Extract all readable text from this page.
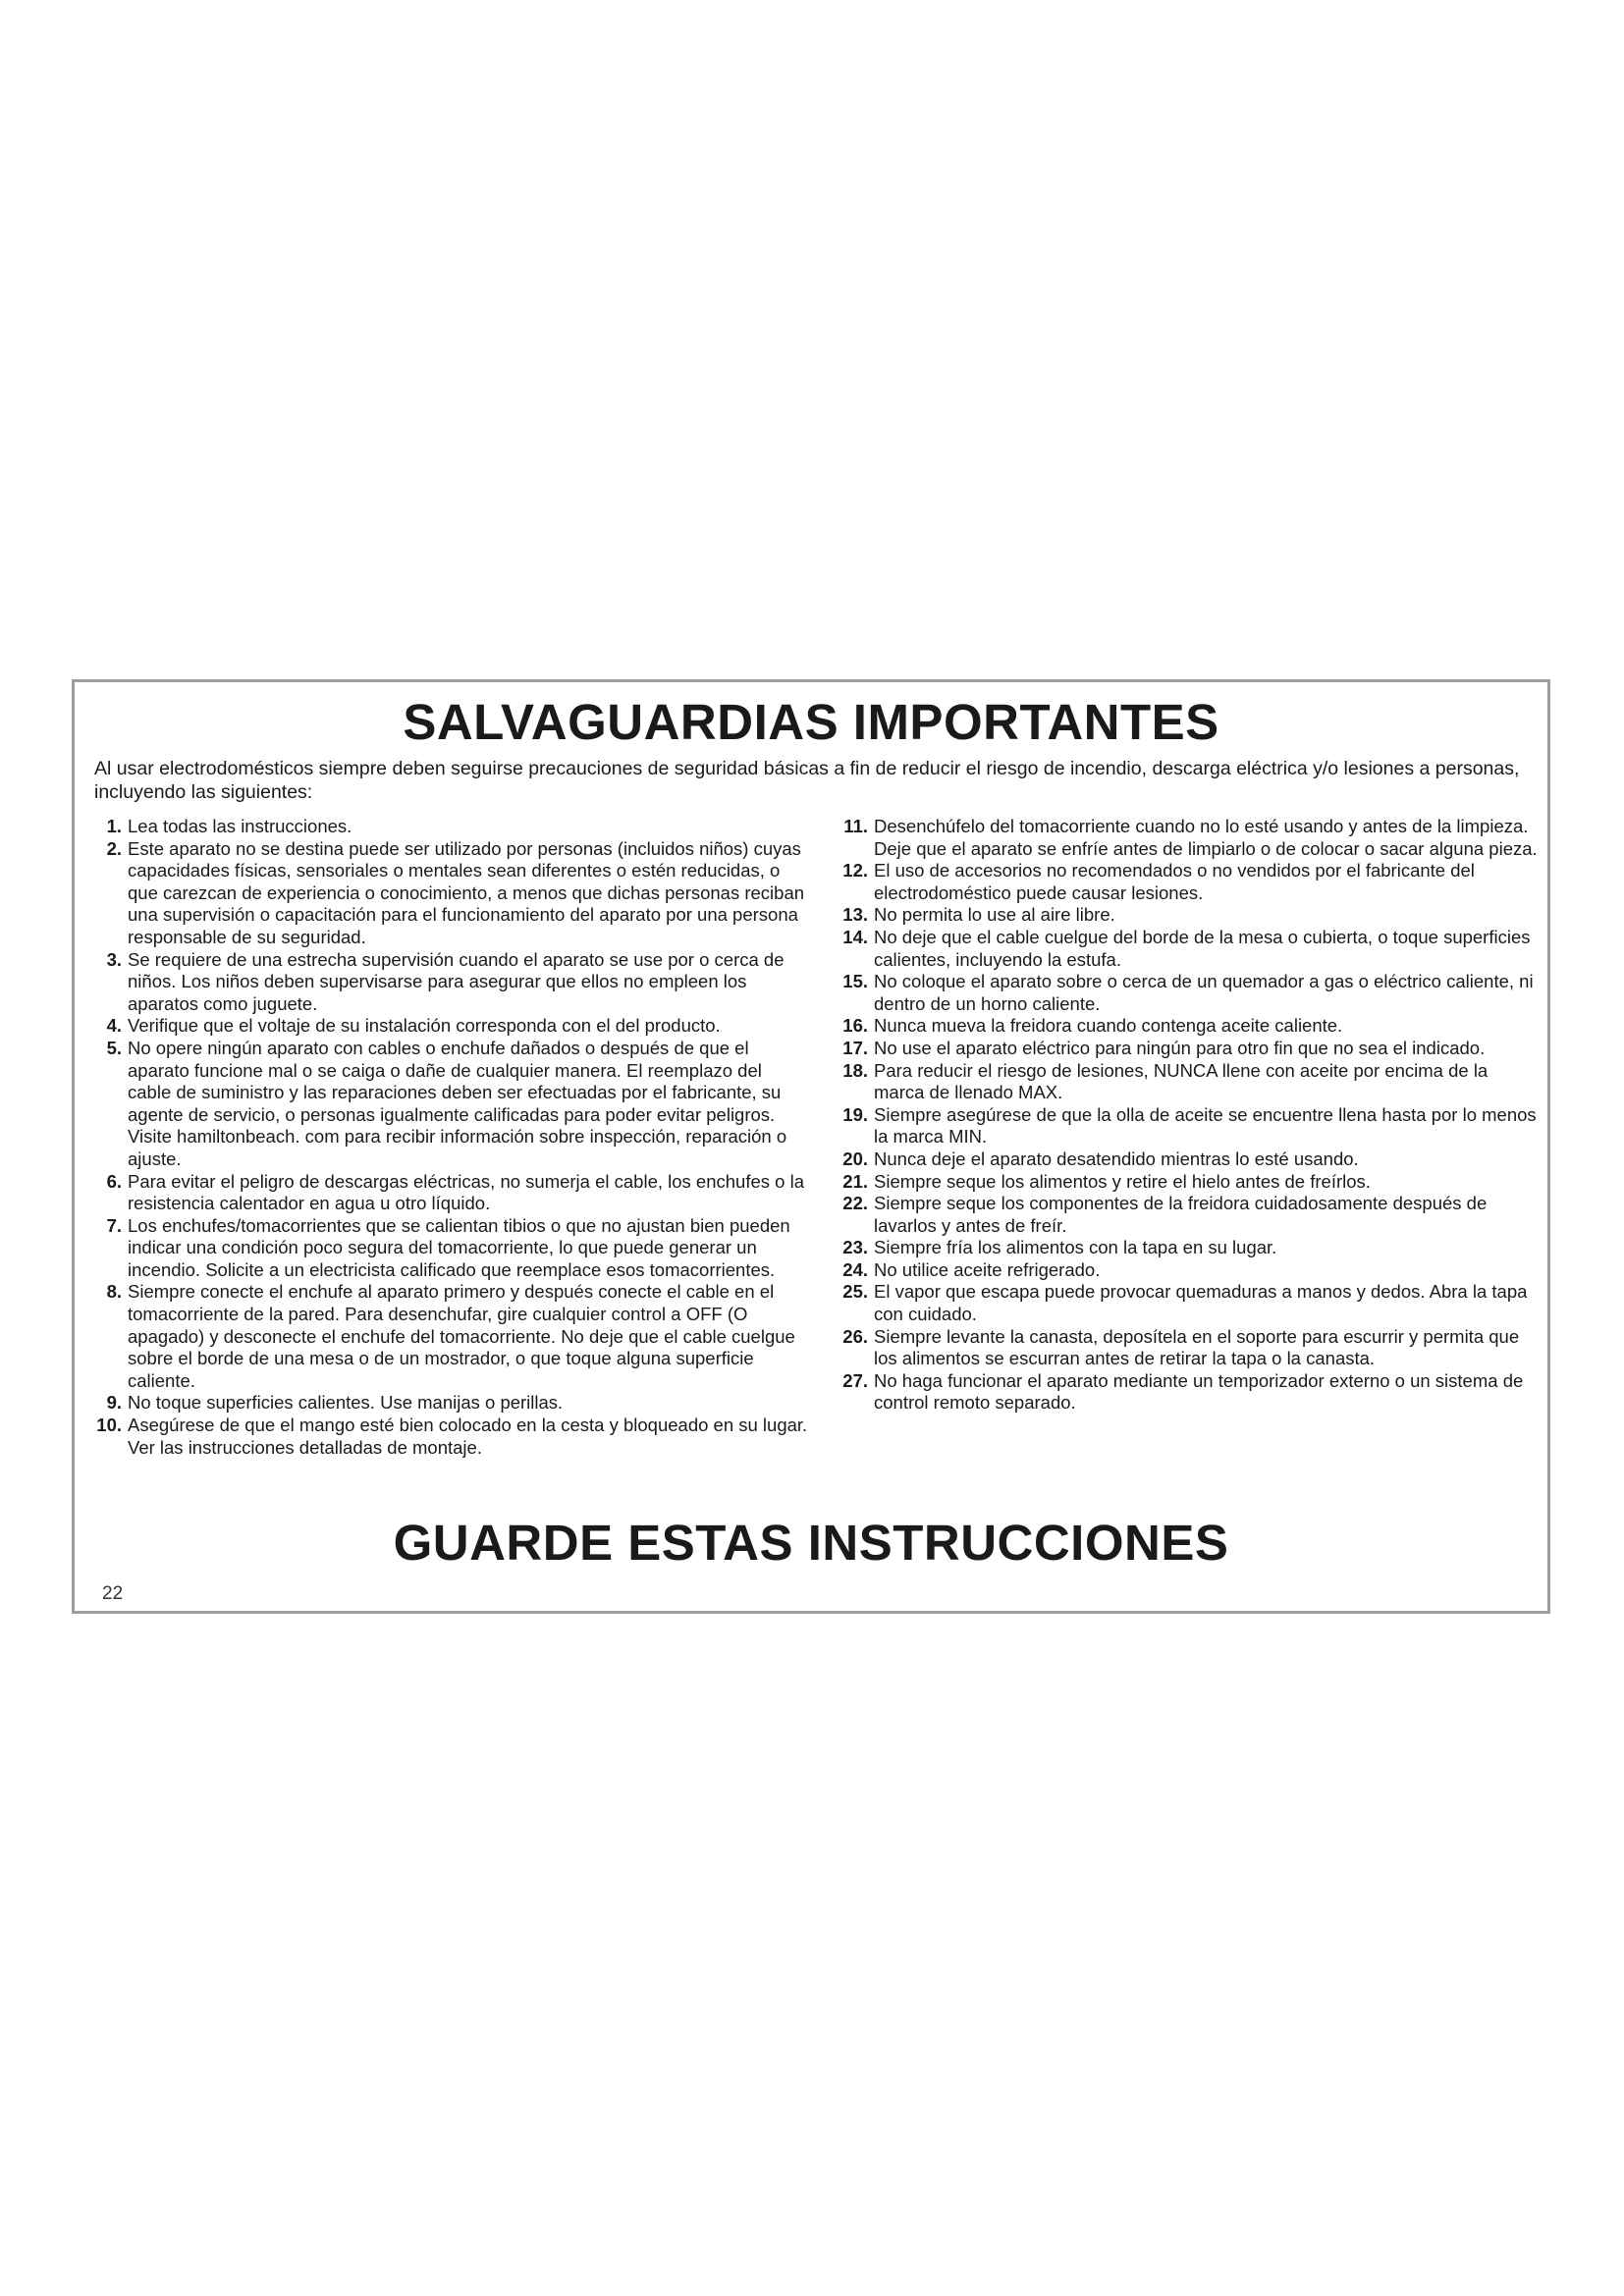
SALVAGUARDIAS IMPORTANTES
Al usar electrodomésticos siempre deben seguirse precauciones de seguridad básicas a fin de reducir el riesgo de incendio, descarga eléctrica y/o lesiones a personas, incluyendo las siguientes:
1. Lea todas las instrucciones.
2. Este aparato no se destina puede ser utilizado por personas (incluidos niños) cuyas capacidades físicas, sensoriales o mentales sean diferentes o estén reducidas, o que carezcan de experiencia o conocimiento, a menos que dichas personas reciban una supervisión o capacitación para el funcionamiento del aparato por una persona responsable de su seguridad.
3. Se requiere de una estrecha supervisión cuando el aparato se use por o cerca de niños. Los niños deben supervisarse para asegurar que ellos no empleen los aparatos como juguete.
4. Verifique que el voltaje de su instalación corresponda con el del producto.
5. No opere ningún aparato con cables o enchufe dañados o después de que el aparato funcione mal o se caiga o dañe de cualquier manera. El reemplazo del cable de suministro y las reparaciones deben ser efectuadas por el fabricante, su agente de servicio, o personas igualmente calificadas para poder evitar peligros. Visite hamiltonbeach. com para recibir información sobre inspección, reparación o ajuste.
6. Para evitar el peligro de descargas eléctricas, no sumerja el cable, los enchufes o la resistencia calentador en agua u otro líquido.
7. Los enchufes/tomacorrientes que se calientan tibios o que no ajustan bien pueden indicar una condición poco segura del tomacorriente, lo que puede generar un incendio. Solicite a un electricista calificado que reemplace esos tomacorrientes.
8. Siempre conecte el enchufe al aparato primero y después conecte el cable en el tomacorriente de la pared. Para desenchufar, gire cualquier control a OFF (O apagado) y desconecte el enchufe del tomacorriente. No deje que el cable cuelgue sobre el borde de una mesa o de un mostrador, o que toque alguna superficie caliente.
9. No toque superficies calientes. Use manijas o perillas.
10. Asegúrese de que el mango esté bien colocado en la cesta y bloqueado en su lugar. Ver las instrucciones detalladas de montaje.
11. Desenchúfelo del tomacorriente cuando no lo esté usando y antes de la limpieza. Deje que el aparato se enfríe antes de limpiarlo o de colocar o sacar alguna pieza.
12. El uso de accesorios no recomendados o no vendidos por el fabricante del electrodoméstico puede causar lesiones.
13. No permita lo use al aire libre.
14. No deje que el cable cuelgue del borde de la mesa o cubierta, o toque superficies calientes, incluyendo la estufa.
15. No coloque el aparato sobre o cerca de un quemador a gas o eléctrico caliente, ni dentro de un horno caliente.
16. Nunca mueva la freidora cuando contenga aceite caliente.
17. No use el aparato eléctrico para ningún para otro fin que no sea el indicado.
18. Para reducir el riesgo de lesiones, NUNCA llene con aceite por encima de la marca de llenado MAX.
19. Siempre asegúrese de que la olla de aceite se encuentre llena hasta por lo menos la marca MIN.
20. Nunca deje el aparato desatendido mientras lo esté usando.
21. Siempre seque los alimentos y retire el hielo antes de freírlos.
22. Siempre seque los componentes de la freidora cuidadosamente después de lavarlos y antes de freír.
23. Siempre fría los alimentos con la tapa en su lugar.
24. No utilice aceite refrigerado.
25. El vapor que escapa puede provocar quemaduras a manos y dedos. Abra la tapa con cuidado.
26. Siempre levante la canasta, deposítela en el soporte para escurrir y permita que los alimentos se escurran antes de retirar la tapa o la canasta.
27. No haga funcionar el aparato mediante un temporizador externo o un sistema de control remoto separado.
GUARDE ESTAS INSTRUCCIONES
22
